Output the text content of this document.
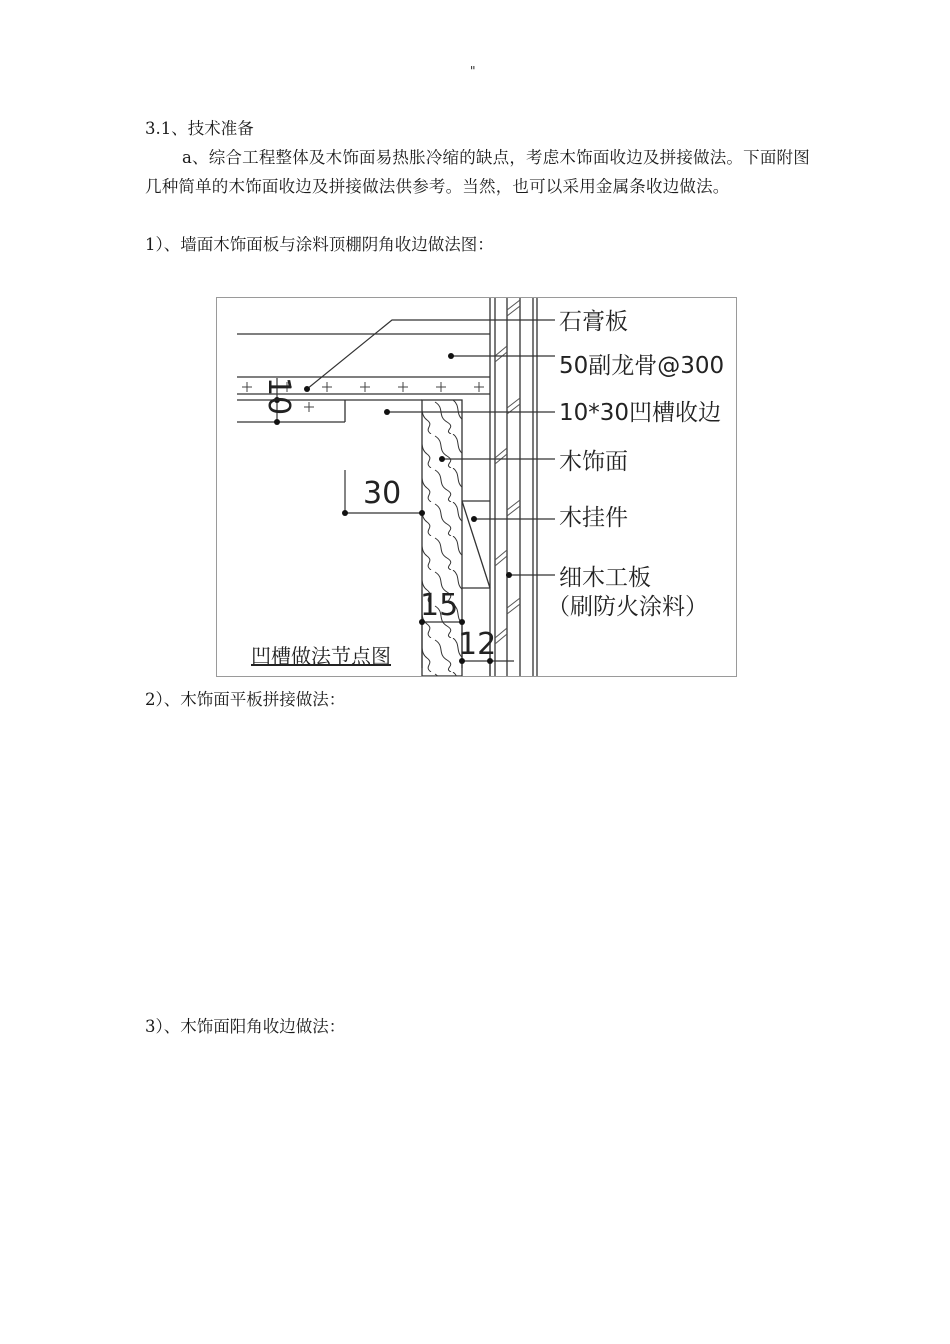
"
3.1、技术准备
a、综合工程整体及木饰面易热胀冷缩的缺点，考虑木饰面收边及拼接做法。下面附图几种简单的木饰面收边及拼接做法供参考。当然，也可以采用金属条收边做法。
1）、墙面木饰面板与涂料顶棚阴角收边做法图：
10
30
15
12
石膏板
50副龙骨@300
10*30凹槽收边
木饰面
木挂件
细木工板
（刷防火涂料）
凹槽做法节点图
2）、木饰面平板拼接做法：
3）、木饰面阳角收边做法：
